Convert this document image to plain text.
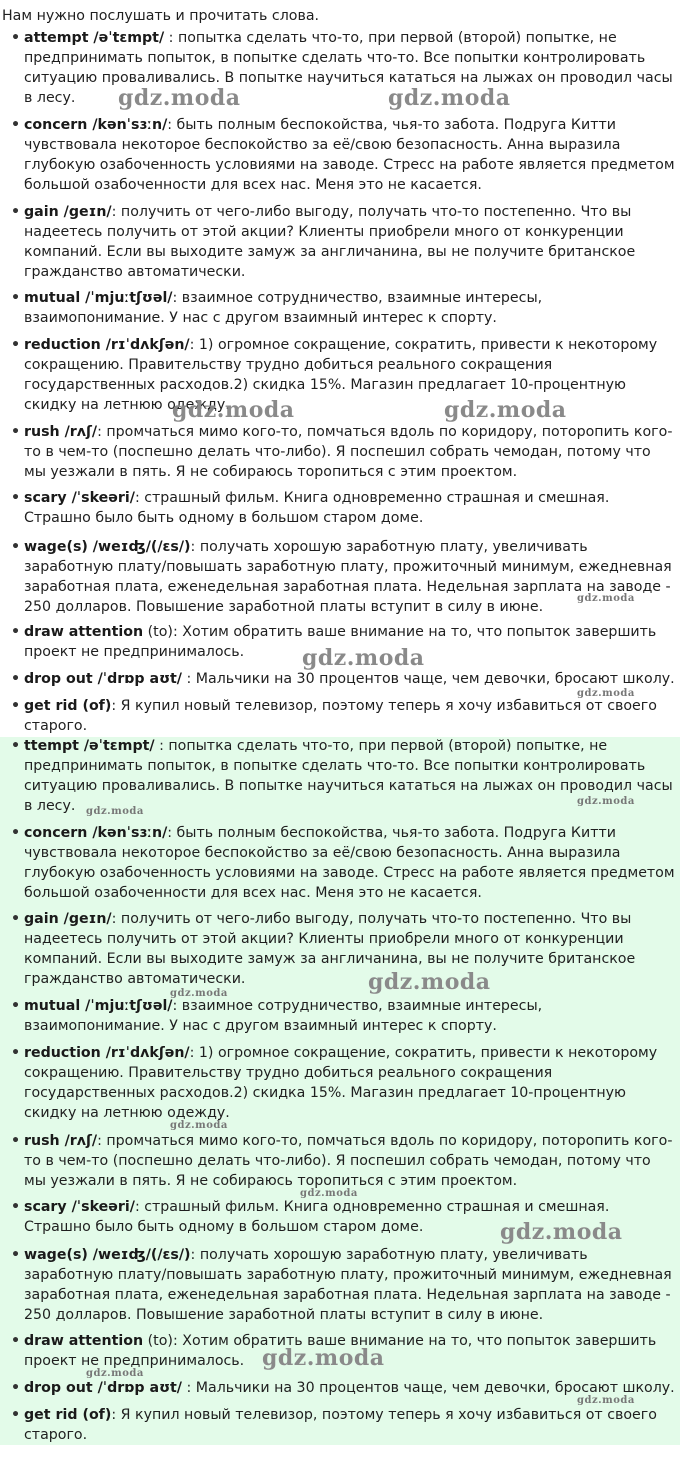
Нам нужно послушать и прочитать слова.
• attempt /əˈtɛmpt/ : попытка сделать что-то, при первой (второй) попытке, не предпринимать попыток, в попытке сделать что-то. Все попытки контролировать ситуацию проваливались. В попытке научиться кататься на лыжах он проводил часы в лесу.
• concern /kənˈsɜːn/: быть полным беспокойства, чья-то забота. Подруга Китти чувствовала некоторое беспокойство за её/свою безопасность. Анна выразила глубокую озабоченность условиями на заводе. Стресс на работе является предметом большой озабоченности для всех нас. Меня это не касается.
• gain /geɪn/: получить от чего-либо выгоду, получать что-то постепенно. Что вы надеетесь получить от этой акции? Клиенты приобрели много от конкуренции компаний. Если вы выходите замуж за англичанина, вы не получите британское гражданство автоматически.
• mutual /ˈmjuːtʃʊəl/: взаимное сотрудничество, взаимные интересы, взаимопонимание. У нас с другом взаимный интерес к спорту.
• reduction /rɪˈdʌkʃən/: 1) огромное сокращение, сократить, привести к некоторому сокращению. Правительству трудно добиться реального сокращения государственных расходов.2) скидка 15%. Магазин предлагает 10-процентную скидку на летнюю одежду.
• rush /rʌʃ/: промчаться мимо кого-то, помчаться вдоль по коридору, поторопить кого-то в чем-то (поспешно делать что-либо). Я поспешил собрать чемодан, потому что мы уезжали в пять. Я не собираюсь торопиться с этим проектом.
• scary /ˈskeəri/: страшный фильм. Книга одновременно страшная и смешная. Страшно было быть одному в большом старом доме.
• wage(s) /weɪʤ/(/ɛs/): получать хорошую заработную плату, увеличивать заработную плату/повышать заработную плату, прожиточный минимум, ежедневная заработная плата, еженедельная заработная плата. Недельная зарплата на заводе - 250 долларов. Повышение заработной платы вступит в силу в июне.
• draw attention (to): Хотим обратить ваше внимание на то, что попыток завершить проект не предпринималось.
• drop out /ˈdrɒp aʊt/ : Мальчики на 30 процентов чаще, чем девочки, бросают школу.
• get rid (of): Я купил новый телевизор, поэтому теперь я хочу избавиться от своего старого.
• ttempt /əˈtɛmpt/ : попытка сделать что-то, при первой (второй) попытке, не предпринимать попыток, в попытке сделать что-то. Все попытки контролировать ситуацию проваливались. В попытке научиться кататься на лыжах он проводил часы в лесу.
• concern /kənˈsɜːn/: быть полным беспокойства, чья-то забота. Подруга Китти чувствовала некоторое беспокойство за её/свою безопасность. Анна выразила глубокую озабоченность условиями на заводе. Стресс на работе является предметом большой озабоченности для всех нас. Меня это не касается.
• gain /geɪn/: получить от чего-либо выгоду, получать что-то постепенно. Что вы надеетесь получить от этой акции? Клиенты приобрели много от конкуренции компаний. Если вы выходите замуж за англичанина, вы не получите британское гражданство автоматически.
• mutual /ˈmjuːtʃʊəl/: взаимное сотрудничество, взаимные интересы, взаимопонимание. У нас с другом взаимный интерес к спорту.
• reduction /rɪˈdʌkʃən/: 1) огромное сокращение, сократить, привести к некоторому сокращению. Правительству трудно добиться реального сокращения государственных расходов.2) скидка 15%. Магазин предлагает 10-процентную скидку на летнюю одежду.
• rush /rʌʃ/: промчаться мимо кого-то, помчаться вдоль по коридору, поторопить кого-то в чем-то (поспешно делать что-либо). Я поспешил собрать чемодан, потому что мы уезжали в пять. Я не собираюсь торопиться с этим проектом.
• scary /ˈskeəri/: страшный фильм. Книга одновременно страшная и смешная. Страшно было быть одному в большом старом доме.
• wage(s) /weɪʤ/(/ɛs/): получать хорошую заработную плату, увеличивать заработную плату/повышать заработную плату, прожиточный минимум, ежедневная заработная плата, еженедельная заработная плата. Недельная зарплата на заводе - 250 долларов. Повышение заработной платы вступит в силу в июне.
• draw attention (to): Хотим обратить ваше внимание на то, что попыток завершить проект не предпринималось.
• drop out /ˈdrɒp aʊt/ : Мальчики на 30 процентов чаще, чем девочки, бросают школу.
• get rid (of): Я купил новый телевизор, поэтому теперь я хочу избавиться от своего старого.
gdz.moda	gdz.moda
gdz.moda	gdz.moda
gdz.moda
gdz.moda
gdz.moda
gdz.moda
gdz.moda
gdz.moda
gdz.moda
gdz.moda
gdz.moda
gdz.moda
gdz.moda
gdz.moda
gdz.moda
